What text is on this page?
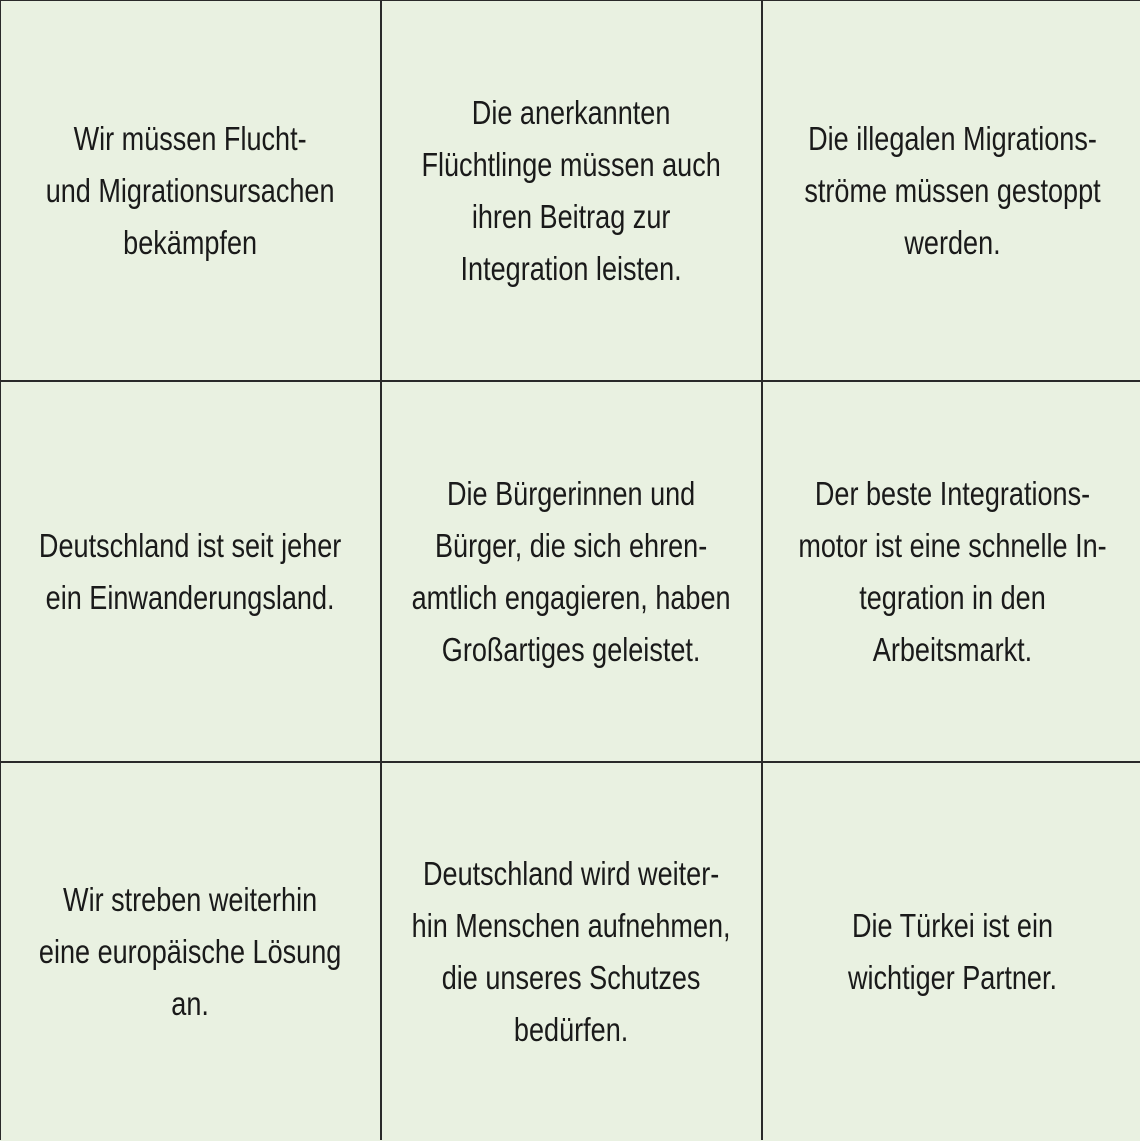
Wir müssen Flucht-
und Migrationsursachen
bekämpfen
Die anerkannten
Flüchtlinge müssen auch
ihren Beitrag zur
Integration leisten.
Die illegalen Migrations-
ströme müssen gestoppt
werden.
Deutschland ist seit jeher
ein Einwanderungsland.
Die Bürgerinnen und
Bürger, die sich ehren-
amtlich engagieren, haben
Großartiges geleistet.
Der beste Integrations-
motor ist eine schnelle In-
tegration in den
Arbeitsmarkt.
Wir streben weiterhin
eine europäische Lösung
an.
Deutschland wird weiter-
hin Menschen aufnehmen,
die unseres Schutzes
bedürfen.
Die Türkei ist ein
wichtiger Partner.
